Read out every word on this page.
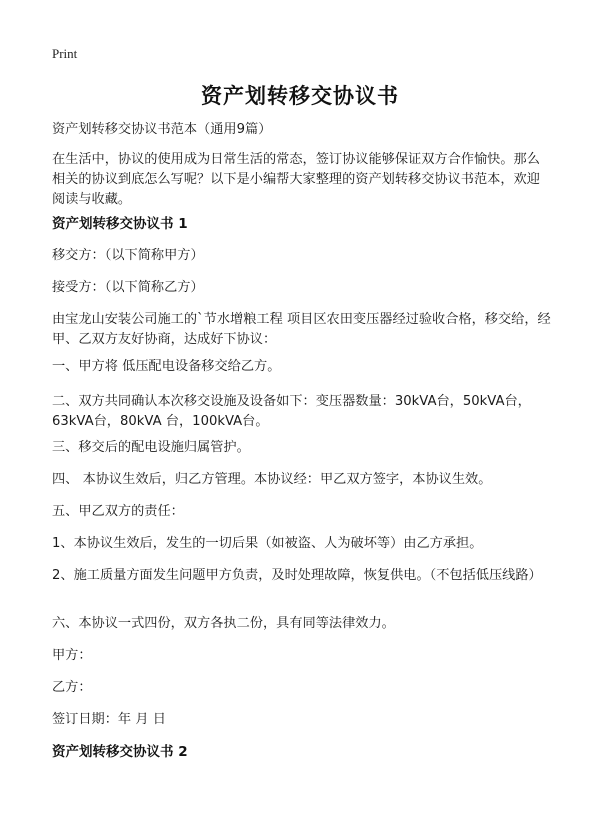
Print
资产划转移交协议书

资产划转移交协议书范本（通用9篇）

在生活中，协议的使用成为日常生活的常态，签订协议能够保证双方合作愉快。那么相关的协议到底怎么写呢？以下是小编帮大家整理的资产划转移交协议书范本，欢迎阅读与收藏。

资产划转移交协议书 1

移交方：（以下简称甲方）

接受方：（以下简称乙方）

由宝龙山安装公司施工的`节水增粮工程 项目区农田变压器经过验收合格，移交给，经甲、乙双方友好协商，达成好下协议：

一、甲方将 低压配电设备移交给乙方。

二、双方共同确认本次移交设施及设备如下：变压器数量：30kVA台，50kVA台，63kVA台，80kVA 台，100kVA台。

三、移交后的配电设施归属管护。

四、 本协议生效后，归乙方管理。本协议经：甲乙双方签字，本协议生效。

五、甲乙双方的责任：

1、本协议生效后，发生的一切后果（如被盗、人为破坏等）由乙方承担。

2、施工质量方面发生问题甲方负责，及时处理故障，恢复供电。（不包括低压线路）

六、本协议一式四份，双方各执二份，具有同等法律效力。

甲方：

乙方：

签订日期：年 月 日

资产划转移交协议书 2
